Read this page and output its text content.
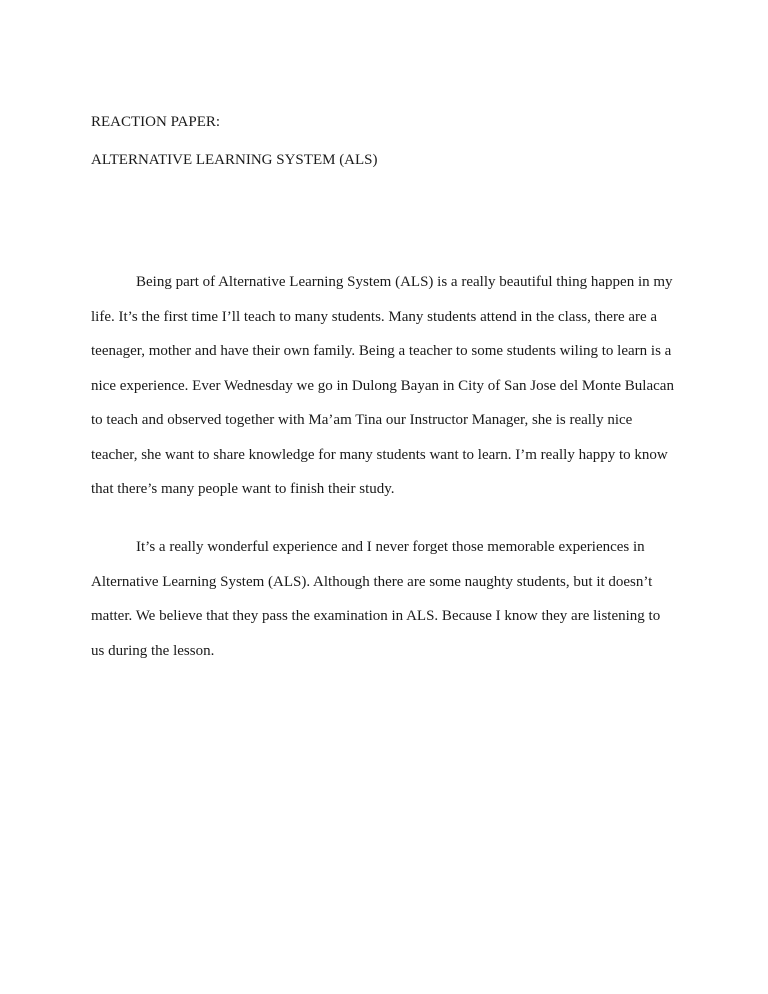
REACTION PAPER:
ALTERNATIVE LEARNING SYSTEM (ALS)
Being part of Alternative Learning System (ALS) is a really beautiful thing happen in my
life. It’s the first time I’ll teach to many students. Many students attend in the class, there are a
teenager, mother and have their own family. Being a teacher to some students wiling to learn is a
nice experience. Ever Wednesday we go in Dulong Bayan in City of San Jose del Monte Bulacan
to teach and observed together with Ma’am Tina our Instructor Manager, she is really nice
teacher, she want to share knowledge for many students want to learn. I’m really happy to know
that there’s many people want to finish their study.
It’s a really wonderful experience and I never forget those memorable experiences in
Alternative Learning System (ALS). Although there are some naughty students, but it doesn’t
matter. We believe that they pass the examination in ALS. Because I know they are listening to
us during the lesson.
